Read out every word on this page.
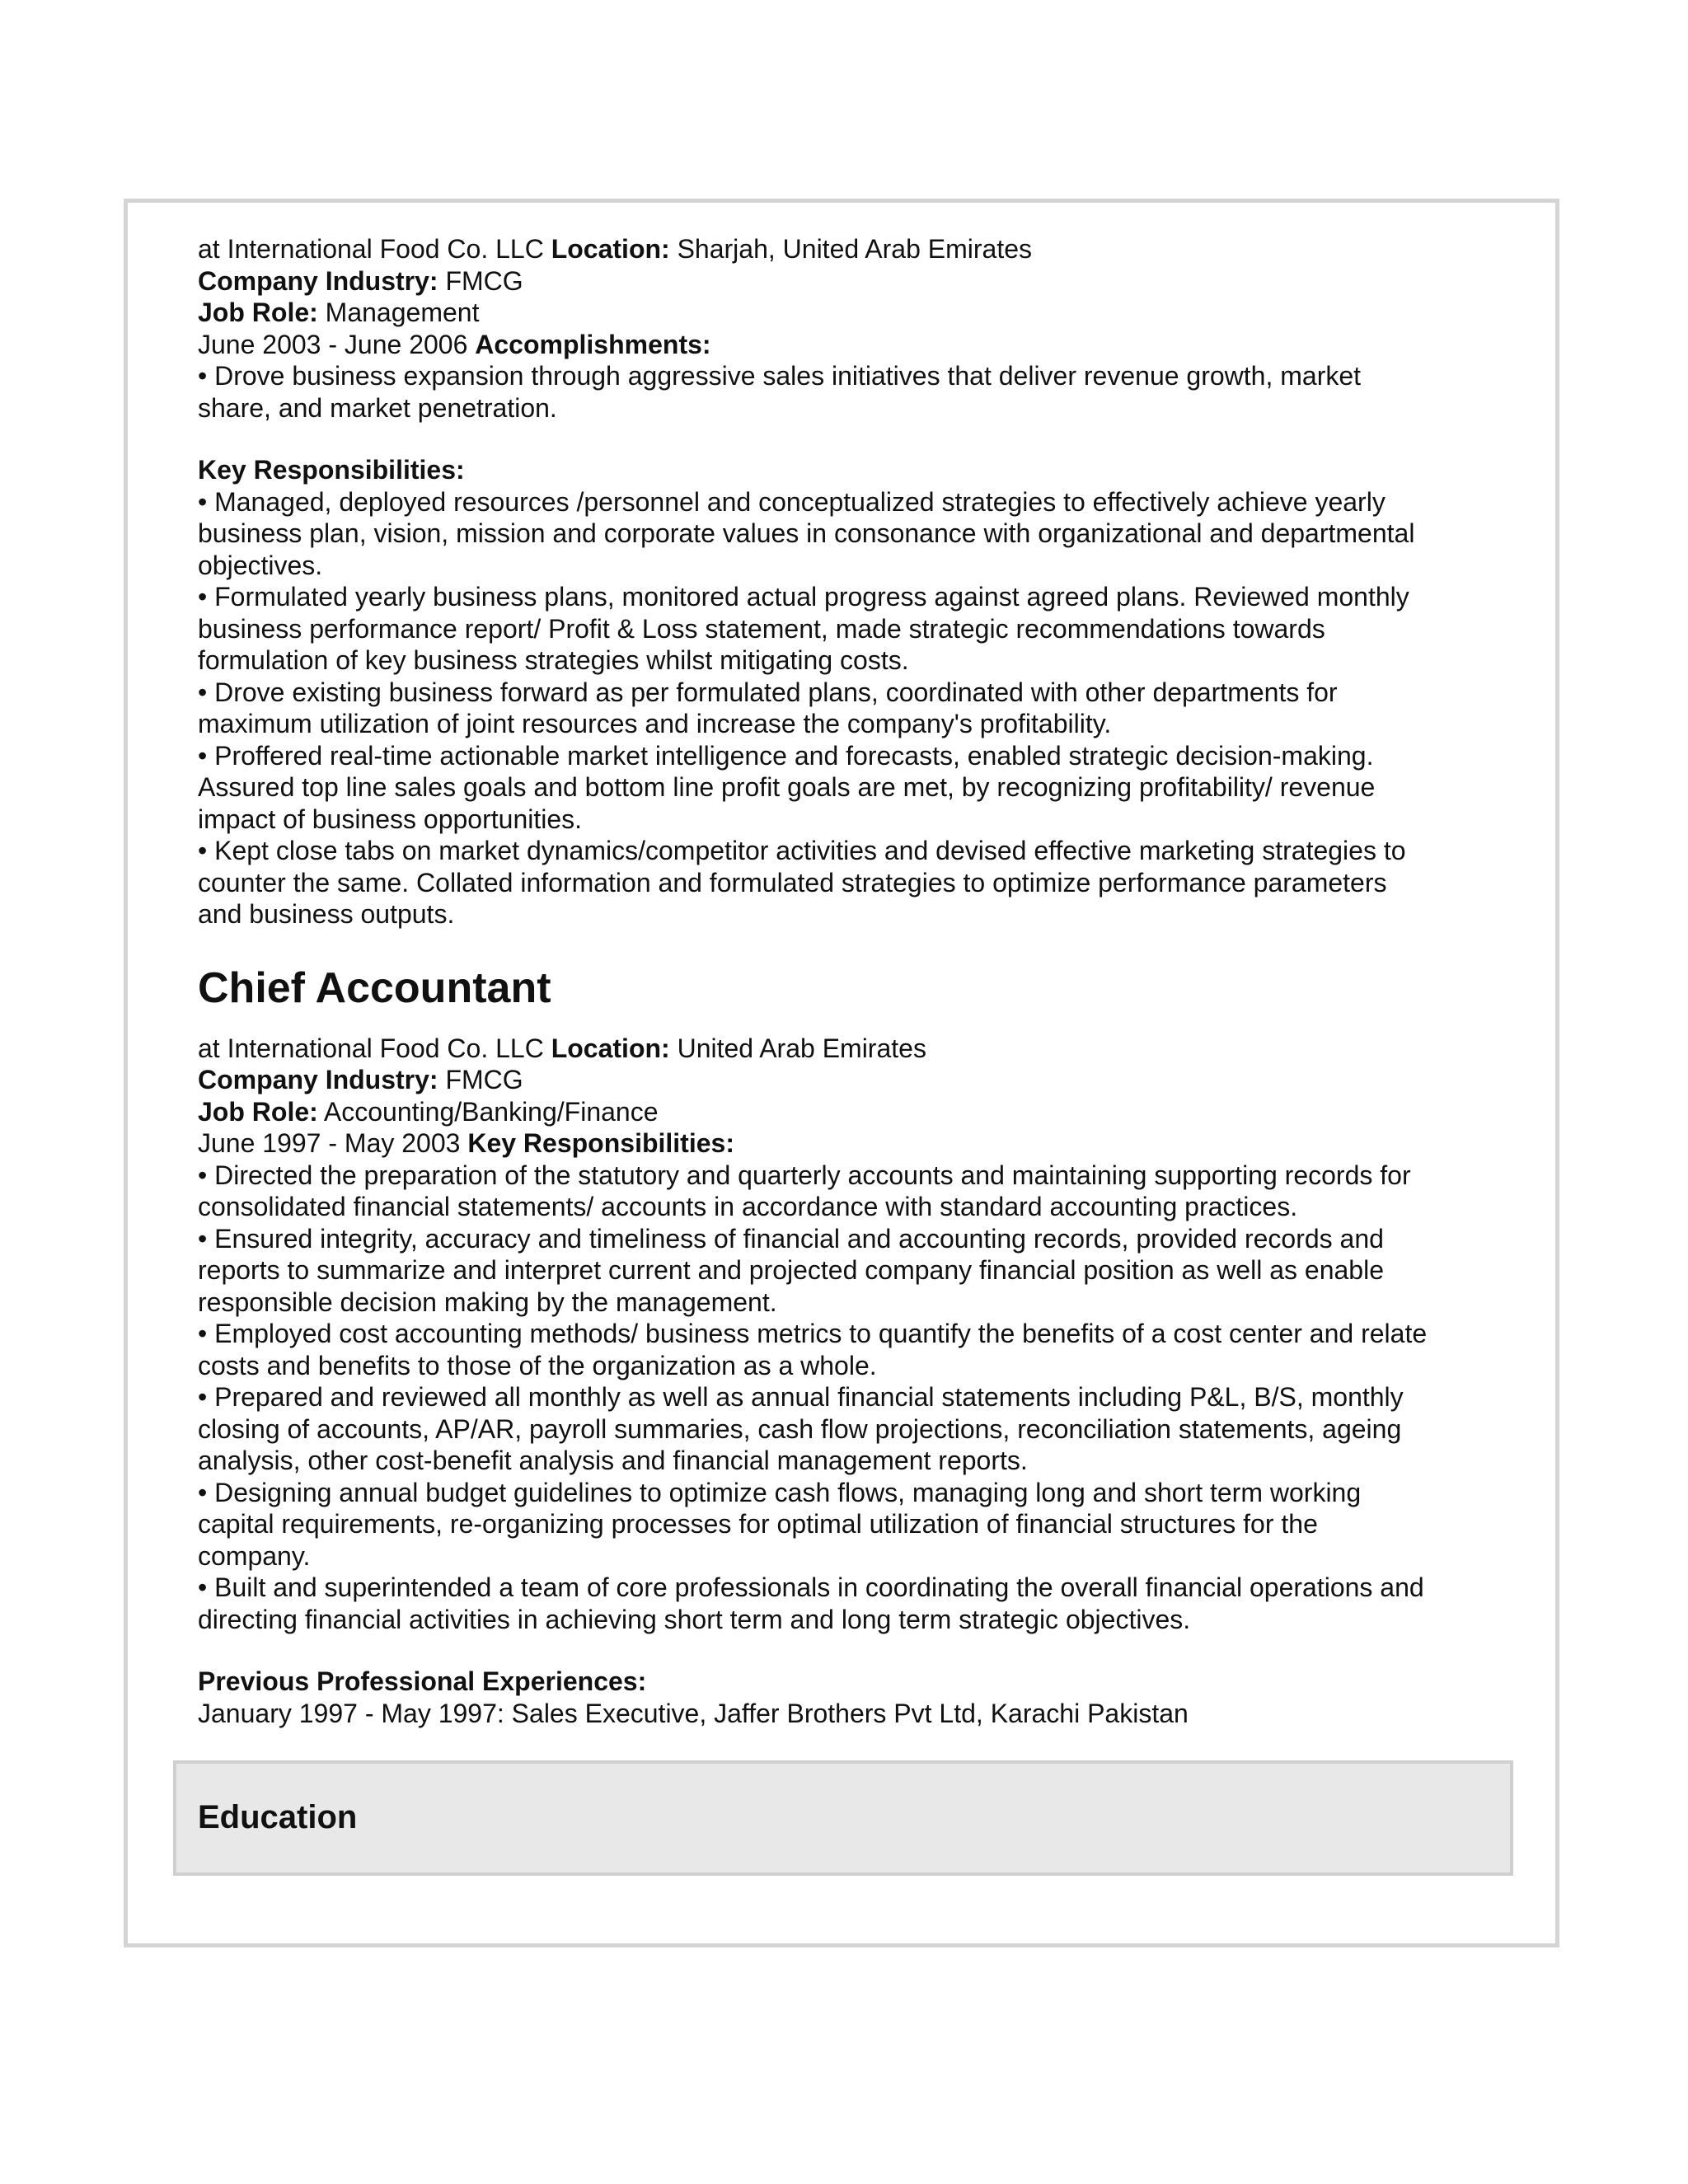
at International Food Co. LLC Location: Sharjah, United Arab Emirates
Company Industry: FMCG
Job Role: Management
June 2003 - June 2006 Accomplishments:
• Drove business expansion through aggressive sales initiatives that deliver revenue growth, market
share, and market penetration.
Key Responsibilities:
• Managed, deployed resources /personnel and conceptualized strategies to effectively achieve yearly
business plan, vision, mission and corporate values in consonance with organizational and departmental
objectives.
• Formulated yearly business plans, monitored actual progress against agreed plans. Reviewed monthly
business performance report/ Profit & Loss statement, made strategic recommendations towards
formulation of key business strategies whilst mitigating costs.
• Drove existing business forward as per formulated plans, coordinated with other departments for
maximum utilization of joint resources and increase the company's profitability.
• Proffered real-time actionable market intelligence and forecasts, enabled strategic decision-making.
Assured top line sales goals and bottom line profit goals are met, by recognizing profitability/ revenue
impact of business opportunities.
• Kept close tabs on market dynamics/competitor activities and devised effective marketing strategies to
counter the same. Collated information and formulated strategies to optimize performance parameters
and business outputs.
Chief Accountant
at International Food Co. LLC Location: United Arab Emirates
Company Industry: FMCG
Job Role: Accounting/Banking/Finance
June 1997 - May 2003 Key Responsibilities:
• Directed the preparation of the statutory and quarterly accounts and maintaining supporting records for
consolidated financial statements/ accounts in accordance with standard accounting practices.
• Ensured integrity, accuracy and timeliness of financial and accounting records, provided records and
reports to summarize and interpret current and projected company financial position as well as enable
responsible decision making by the management.
• Employed cost accounting methods/ business metrics to quantify the benefits of a cost center and relate
costs and benefits to those of the organization as a whole.
• Prepared and reviewed all monthly as well as annual financial statements including P&L, B/S, monthly
closing of accounts, AP/AR, payroll summaries, cash flow projections, reconciliation statements, ageing
analysis, other cost-benefit analysis and financial management reports.
• Designing annual budget guidelines to optimize cash flows, managing long and short term working
capital requirements, re-organizing processes for optimal utilization of financial structures for the
company.
• Built and superintended a team of core professionals in coordinating the overall financial operations and
directing financial activities in achieving short term and long term strategic objectives.
Previous Professional Experiences:
January 1997 - May 1997: Sales Executive, Jaffer Brothers Pvt Ltd, Karachi Pakistan
Education
